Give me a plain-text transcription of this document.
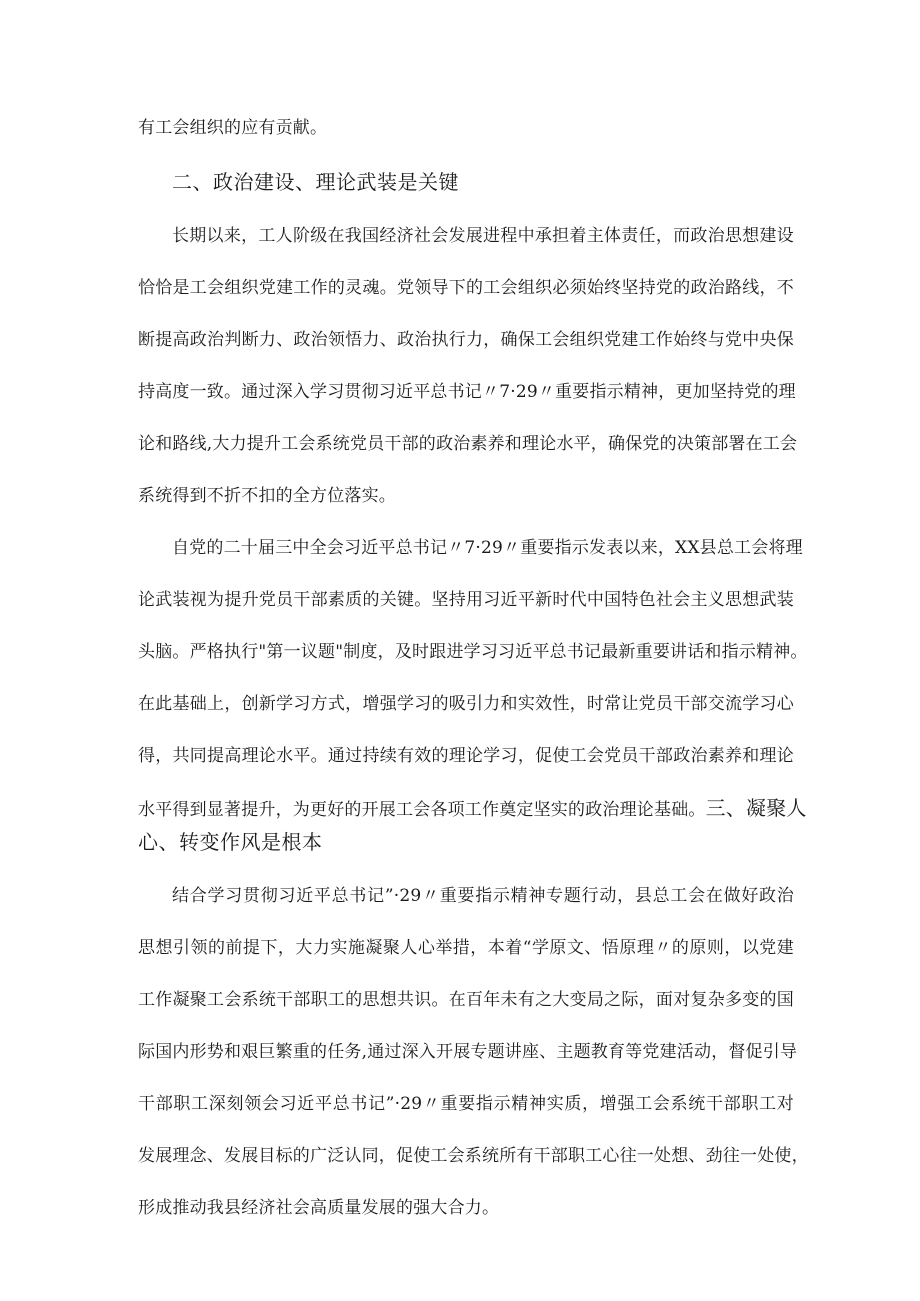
有工会组织的应有贡献。
二、政治建设、理论武装是关键
长期以来，工人阶级在我国经济社会发展进程中承担着主体责任，而政治思想建设
恰恰是工会组织党建工作的灵魂。党领导下的工会组织必须始终坚持党的政治路线，不
断提高政治判断力、政治领悟力、政治执行力，确保工会组织党建工作始终与党中央保
持高度一致。通过深入学习贯彻习近平总书记〃7·29〃重要指示精神，更加坚持党的理
论和路线,大力提升工会系统党员干部的政治素养和理论水平，确保党的决策部署在工会
系统得到不折不扣的全方位落实。
自党的二十届三中全会习近平总书记〃7·29〃重要指示发表以来，XX县总工会将理
论武装视为提升党员干部素质的关键。坚持用习近平新时代中国特色社会主义思想武装
头脑。严格执行"第一议题"制度，及时跟进学习习近平总书记最新重要讲话和指示精神。
在此基础上，创新学习方式，增强学习的吸引力和实效性，时常让党员干部交流学习心
得，共同提高理论水平。通过持续有效的理论学习，促使工会党员干部政治素养和理论
水平得到显著提升，为更好的开展工会各项工作奠定坚实的政治理论基础。三、凝聚人
心、转变作风是根本
结合学习贯彻习近平总书记”·29〃重要指示精神专题行动，县总工会在做好政治
思想引领的前提下，大力实施凝聚人心举措，本着“学原文、悟原理〃的原则，以党建
工作凝聚工会系统干部职工的思想共识。在百年未有之大变局之际，面对复杂多变的国
际国内形势和艰巨繁重的任务,通过深入开展专题讲座、主题教育等党建活动，督促引导
干部职工深刻领会习近平总书记”·29〃重要指示精神实质，增强工会系统干部职工对
发展理念、发展目标的广泛认同，促使工会系统所有干部职工心往一处想、劲往一处使，
形成推动我县经济社会高质量发展的强大合力。
